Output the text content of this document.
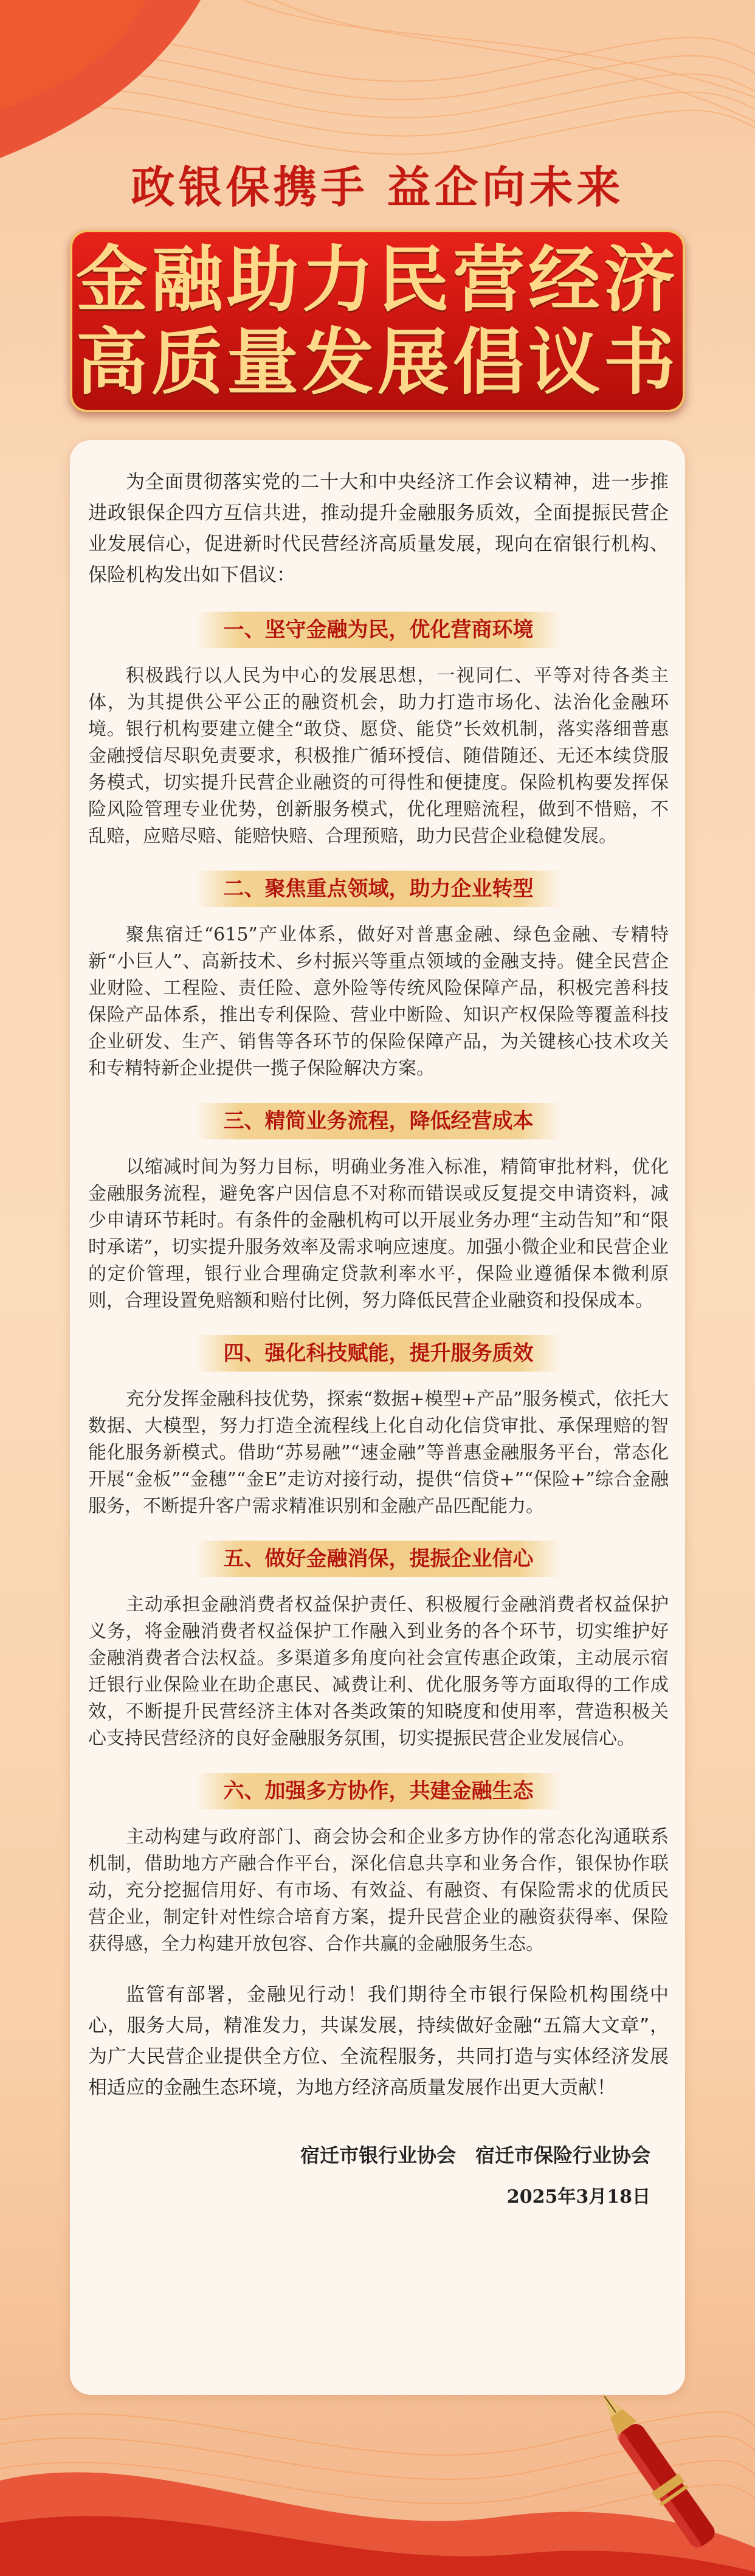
政银保携手 益企向未来
金融助力民营经济
高质量发展倡议书

为全面贯彻落实党的二十大和中央经济工作会议精神，进一步推进政银保企四方互信共进，推动提升金融服务质效，全面提振民营企业发展信心，促进新时代民营经济高质量发展，现向在宿银行机构、保险机构发出如下倡议：

一、坚守金融为民，优化营商环境

积极践行以人民为中心的发展思想，一视同仁、平等对待各类主体，为其提供公平公正的融资机会，助力打造市场化、法治化金融环境。银行机构要建立健全“敢贷、愿贷、能贷”长效机制，落实落细普惠金融授信尽职免责要求，积极推广循环授信、随借随还、无还本续贷服务模式，切实提升民营企业融资的可得性和便捷度。保险机构要发挥保险风险管理专业优势，创新服务模式，优化理赔流程，做到不惜赔，不乱赔，应赔尽赔、能赔快赔、合理预赔，助力民营企业稳健发展。

二、聚焦重点领域，助力企业转型

聚焦宿迁“615”产业体系，做好对普惠金融、绿色金融、专精特新“小巨人”、高新技术、乡村振兴等重点领域的金融支持。健全民营企业财险、工程险、责任险、意外险等传统风险保障产品，积极完善科技保险产品体系，推出专利保险、营业中断险、知识产权保险等覆盖科技企业研发、生产、销售等各环节的保险保障产品，为关键核心技术攻关和专精特新企业提供一揽子保险解决方案。

三、精简业务流程，降低经营成本

以缩减时间为努力目标，明确业务准入标准，精简审批材料，优化金融服务流程，避免客户因信息不对称而错误或反复提交申请资料，减少申请环节耗时。有条件的金融机构可以开展业务办理“主动告知”和“限时承诺”，切实提升服务效率及需求响应速度。加强小微企业和民营企业的定价管理，银行业合理确定贷款利率水平，保险业遵循保本微利原则，合理设置免赔额和赔付比例，努力降低民营企业融资和投保成本。

四、强化科技赋能，提升服务质效

充分发挥金融科技优势，探索“数据+模型+产品”服务模式，依托大数据、大模型，努力打造全流程线上化自动化信贷审批、承保理赔的智能化服务新模式。借助“苏易融”“速金融”等普惠金融服务平台，常态化开展“金板”“金穗”“金E”走访对接行动，提供“信贷+”“保险+”综合金融服务，不断提升客户需求精准识别和金融产品匹配能力。

五、做好金融消保，提振企业信心

主动承担金融消费者权益保护责任、积极履行金融消费者权益保护义务，将金融消费者权益保护工作融入到业务的各个环节，切实维护好金融消费者合法权益。多渠道多角度向社会宣传惠企政策，主动展示宿迁银行业保险业在助企惠民、减费让利、优化服务等方面取得的工作成效，不断提升民营经济主体对各类政策的知晓度和使用率，营造积极关心支持民营经济的良好金融服务氛围，切实提振民营企业发展信心。

六、加强多方协作，共建金融生态

主动构建与政府部门、商会协会和企业多方协作的常态化沟通联系机制，借助地方产融合作平台，深化信息共享和业务合作，银保协作联动，充分挖掘信用好、有市场、有效益、有融资、有保险需求的优质民营企业，制定针对性综合培育方案，提升民营企业的融资获得率、保险获得感，全力构建开放包容、合作共赢的金融服务生态。

监管有部署，金融见行动！我们期待全市银行保险机构围绕中心，服务大局，精准发力，共谋发展，持续做好金融“五篇大文章”，为广大民营企业提供全方位、全流程服务，共同打造与实体经济发展相适应的金融生态环境，为地方经济高质量发展作出更大贡献！

宿迁市银行业协会　宿迁市保险行业协会
2025年3月18日
